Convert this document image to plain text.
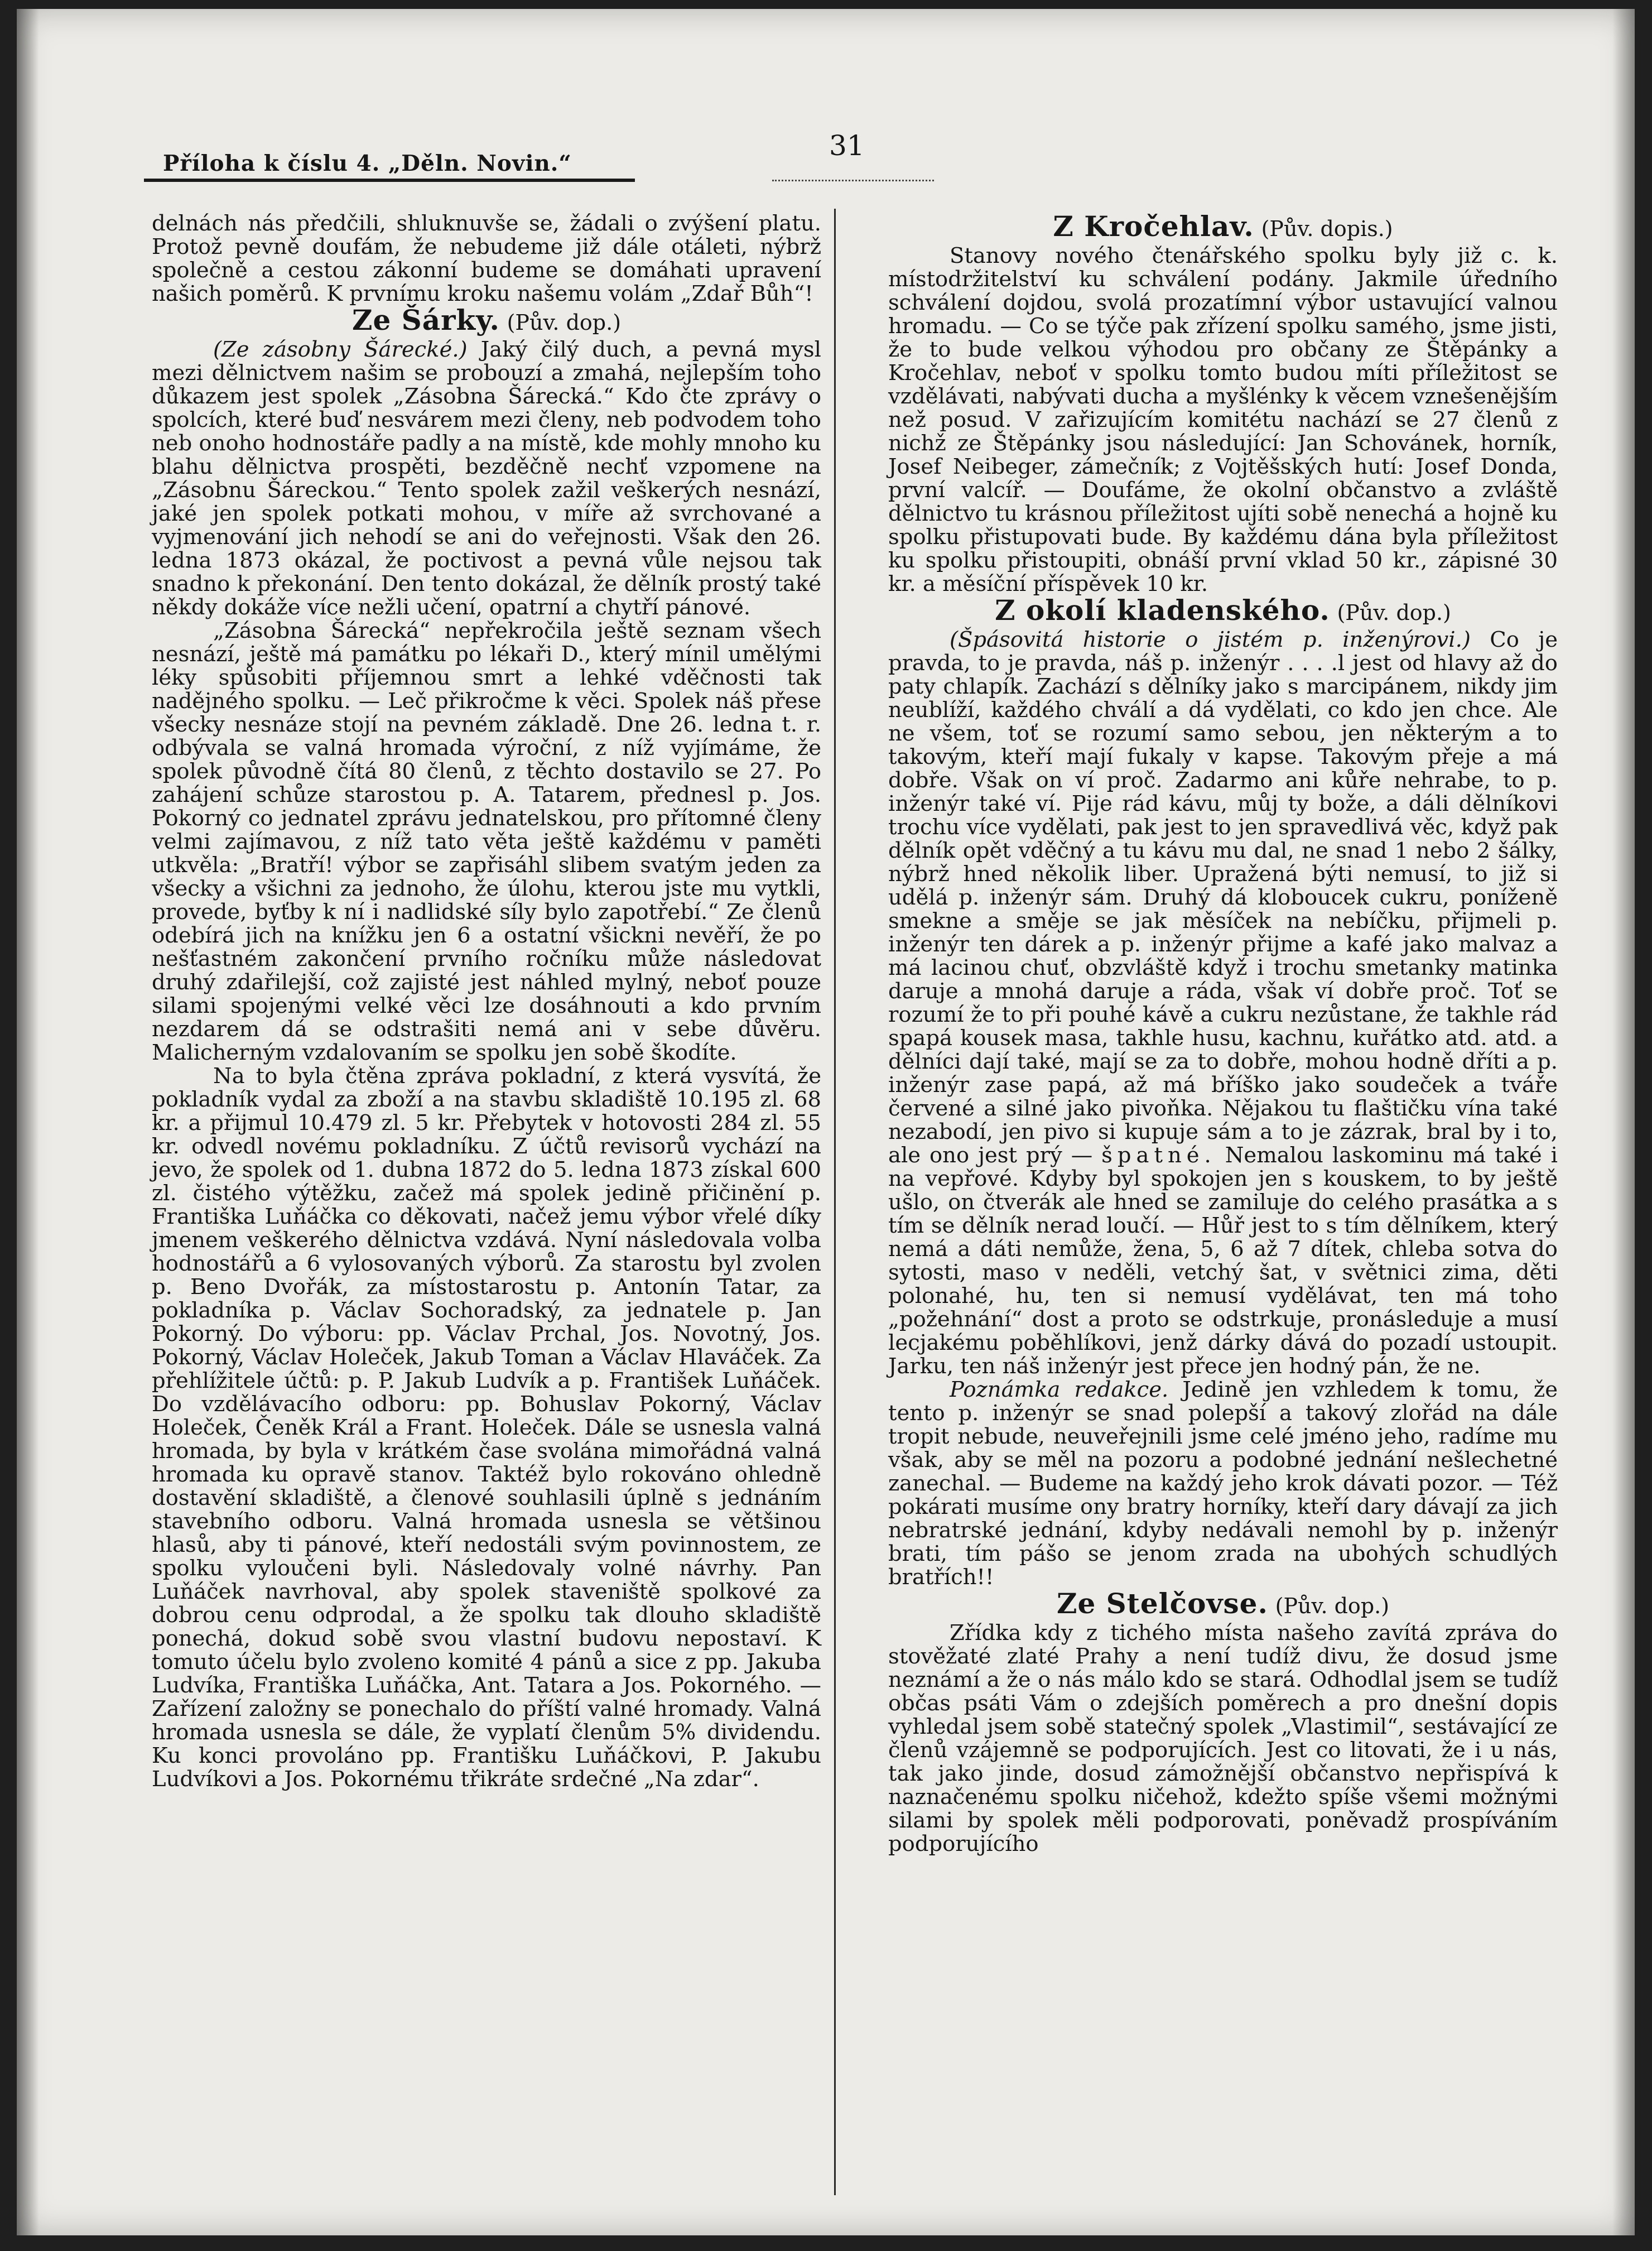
Příloha k číslu 4. „Děln. Novin.“
31

delnách nás předčili, shluknuvše se, žádali o zvýšení platu. Protož pevně doufám, že nebudeme již dále otáleti, nýbrž společně a cestou zákonní budeme se domáhati upravení našich poměrů. K prvnímu kroku našemu volám „Zdař Bůh“!

Ze Šárky. (Pův. dop.)

(Ze zásobny Šárecké.) Jaký čilý duch, a pevná mysl mezi dělnictvem našim se probouzí a zmahá, nejlepším toho důkazem jest spolek „Zásobna Šárecká.“ Kdo čte zprávy o spolcích, které buď nesvárem mezi členy, neb podvodem toho neb onoho hodnostáře padly a na místě, kde mohly mnoho ku blahu dělnictva prospěti, bezděčně nechť vzpomene na „Zásobnu Šáreckou.“ Tento spolek zažil veškerých nesnází, jaké jen spolek potkati mohou, v míře až svrchované a vyjmenování jich nehodí se ani do veřejnosti. Však den 26. ledna 1873 okázal, že poctivost a pevná vůle nejsou tak snadno k překonání. Den tento dokázal, že dělník prostý také někdy dokáže více nežli učení, opatrní a chytří pánové.

„Zásobna Šárecká“ nepřekročila ještě seznam všech nesnází, ještě má památku po lékaři D., který mínil umělými léky spůsobiti příjemnou smrt a lehké vděčnosti tak nadějného spolku. — Leč přikročme k věci. Spolek náš přese všecky nesnáze stojí na pevném základě. Dne 26. ledna t. r. odbývala se valná hromada výroční, z níž vyjímáme, že spolek původně čítá 80 členů, z těchto dostavilo se 27. Po zahájení schůze starostou p. A. Tatarem, přednesl p. Jos. Pokorný co jednatel zprávu jednatelskou, pro přítomné členy velmi zajímavou, z níž tato věta ještě každému v paměti utkvěla: „Bratří! výbor se zapřisáhl slibem svatým jeden za všecky a všichni za jednoho, že úlohu, kterou jste mu vytkli, provede, byťby k ní i nadlidské síly bylo zapotřebí.“ Ze členů odebírá jich na knížku jen 6 a ostatní všickni nevěří, že po nešťastném zakončení prvního ročníku může následovat druhý zdařilejší, což zajisté jest náhled mylný, neboť pouze silami spojenými velké věci lze dosáhnouti a kdo prvním nezdarem dá se odstrašiti nemá ani v sebe důvěru. Malicherným vzdalovaním se spolku jen sobě škodíte.

Na to byla čtěna zpráva pokladní, z která vysvítá, že pokladník vydal za zboží a na stavbu skladiště 10.195 zl. 68 kr. a přijmul 10.479 zl. 5 kr. Přebytek v hotovosti 284 zl. 55 kr. odvedl novému pokladníku. Z účtů revisorů vychází na jevo, že spolek od 1. dubna 1872 do 5. ledna 1873 získal 600 zl. čistého výtěžku, začež má spolek jedině přičinění p. Františka Luňáčka co děkovati, načež jemu výbor vřelé díky jmenem veškerého dělnictva vzdává. Nyní následovala volba hodnostářů a 6 vylosovaných výborů. Za starostu byl zvolen p. Beno Dvořák, za místostarostu p. Antonín Tatar, za pokladníka p. Václav Sochoradský, za jednatele p. Jan Pokorný. Do výboru: pp. Václav Prchal, Jos. Novotný, Jos. Pokorný, Václav Holeček, Jakub Toman a Václav Hlaváček. Za přehlížitele účtů: p. P. Jakub Ludvík a p. František Luňáček. Do vzdělávacího odboru: pp. Bohuslav Pokorný, Václav Holeček, Čeněk Král a Frant. Holeček. Dále se usnesla valná hromada, by byla v krátkém čase svolána mimořádná valná hromada ku opravě stanov. Taktéž bylo rokováno ohledně dostavění skladiště, a členové souhlasili úplně s jednáním stavebního odboru. Valná hromada usnesla se většinou hlasů, aby ti pánové, kteří nedostáli svým povinnostem, ze spolku vyloučeni byli. Následovaly volné návrhy. Pan Luňáček navrhoval, aby spolek staveniště spolkové za dobrou cenu odprodal, a že spolku tak dlouho skladiště ponechá, dokud sobě svou vlastní budovu nepostaví. K tomuto účelu bylo zvoleno komité 4 pánů a sice z pp. Jakuba Ludvíka, Františka Luňáčka, Ant. Tatara a Jos. Pokorného. — Zařízení založny se ponechalo do příští valné hromady. Valná hromada usnesla se dále, že vyplatí členům 5% dividendu. Ku konci provoláno pp. Františku Luňáčkovi, P. Jakubu Ludvíkovi a Jos. Pokornému třikráte srdečné „Na zdar“.

Z Kročehlav. (Pův. dopis.)

Stanovy nového čtenářského spolku byly již c. k. místodržitelství ku schválení podány. Jakmile úředního schválení dojdou, svolá prozatímní výbor ustavující valnou hromadu. — Co se týče pak zřízení spolku samého, jsme jisti, že to bude velkou výhodou pro občany ze Štěpánky a Kročehlav, neboť v spolku tomto budou míti příležitost se vzdělávati, nabývati ducha a myšlénky k věcem vznešenějším než posud. V zařizujícím komitétu nachází se 27 členů z nichž ze Štěpánky jsou následující: Jan Schovánek, horník, Josef Neibeger, zámečník; z Vojtěšských hutí: Josef Donda, první valcíř. — Doufáme, že okolní občanstvo a zvláště dělnictvo tu krásnou příležitost ujíti sobě nenechá a hojně ku spolku přistupovati bude. By každému dána byla příležitost ku spolku přistoupiti, obnáší první vklad 50 kr., zápisné 30 kr. a měsíční příspěvek 10 kr.

Z okolí kladenského. (Pův. dop.)

(Špásovitá historie o jistém p. inženýrovi.) Co je pravda, to je pravda, náš p. inženýr . . . .l jest od hlavy až do paty chlapík. Zachází s dělníky jako s marcipánem, nikdy jim neublíží, každého chválí a dá vydělati, co kdo jen chce. Ale ne všem, toť se rozumí samo sebou, jen některým a to takovým, kteří mají fukaly v kapse. Takovým přeje a má dobře. Však on ví proč. Zadarmo ani kůře nehrabe, to p. inženýr také ví. Pije rád kávu, můj ty bože, a dáli dělníkovi trochu více vydělati, pak jest to jen spravedlivá věc, když pak dělník opět vděčný a tu kávu mu dal, ne snad 1 nebo 2 šálky, nýbrž hned několik liber. Upražená býti nemusí, to již si udělá p. inženýr sám. Druhý dá kloboucek cukru, poníženě smekne a směje se jak měsíček na nebíčku, přijmeli p. inženýr ten dárek a p. inženýr přijme a kafé jako malvaz a má lacinou chuť, obzvláště když i trochu smetanky matinka daruje a mnohá daruje a ráda, však ví dobře proč. Toť se rozumí že to při pouhé kávě a cukru nezůstane, že takhle rád spapá kousek masa, takhle husu, kachnu, kuřátko atd. atd. a dělníci dají také, mají se za to dobře, mohou hodně dříti a p. inženýr zase papá, až má bříško jako soudeček a tváře červené a silné jako pivoňka. Nějakou tu flaštičku vína také nezabodí, jen pivo si kupuje sám a to je zázrak, bral by i to, ale ono jest prý — špatné. Nemalou laskominu má také i na vepřové. Kdyby byl spokojen jen s kouskem, to by ještě ušlo, on čtverák ale hned se zamiluje do celého prasátka a s tím se dělník nerad loučí. — Hůř jest to s tím dělníkem, který nemá a dáti nemůže, žena, 5, 6 až 7 dítek, chleba sotva do sytosti, maso v neděli, vetchý šat, v světnici zima, děti polonahé, hu, ten si nemusí vydělávat, ten má toho „požehnání“ dost a proto se odstrkuje, pronásleduje a musí lecjakému poběhlíkovi, jenž dárky dává do pozadí ustoupit. Jarku, ten náš inženýr jest přece jen hodný pán, že ne.

Poznámka redakce. Jedině jen vzhledem k tomu, že tento p. inženýr se snad polepší a takový zlořád na dále tropit nebude, neuveřejnili jsme celé jméno jeho, radíme mu však, aby se měl na pozoru a podobné jednání nešlechetné zanechal. — Budeme na každý jeho krok dávati pozor. — Též pokárati musíme ony bratry horníky, kteří dary dávají za jich nebratrské jednání, kdyby nedávali nemohl by p. inženýr brati, tím pášo se jenom zrada na ubohých schudlých bratřích!!

Ze Stelčovse. (Pův. dop.)

Zřídka kdy z tichého místa našeho zavítá zpráva do stověžaté zlaté Prahy a není tudíž divu, že dosud jsme neznámí a že o nás málo kdo se stará. Odhodlal jsem se tudíž občas psáti Vám o zdejších poměrech a pro dnešní dopis vyhledal jsem sobě statečný spolek „Vlastimil“, sestávající ze členů vzájemně se podporujících. Jest co litovati, že i u nás, tak jako jinde, dosud zámožnější občanstvo nepřispívá k naznačenému spolku ničehož, kdežto spíše všemi možnými silami by spolek měli podporovati, poněvadž prospíváním podporujícího
